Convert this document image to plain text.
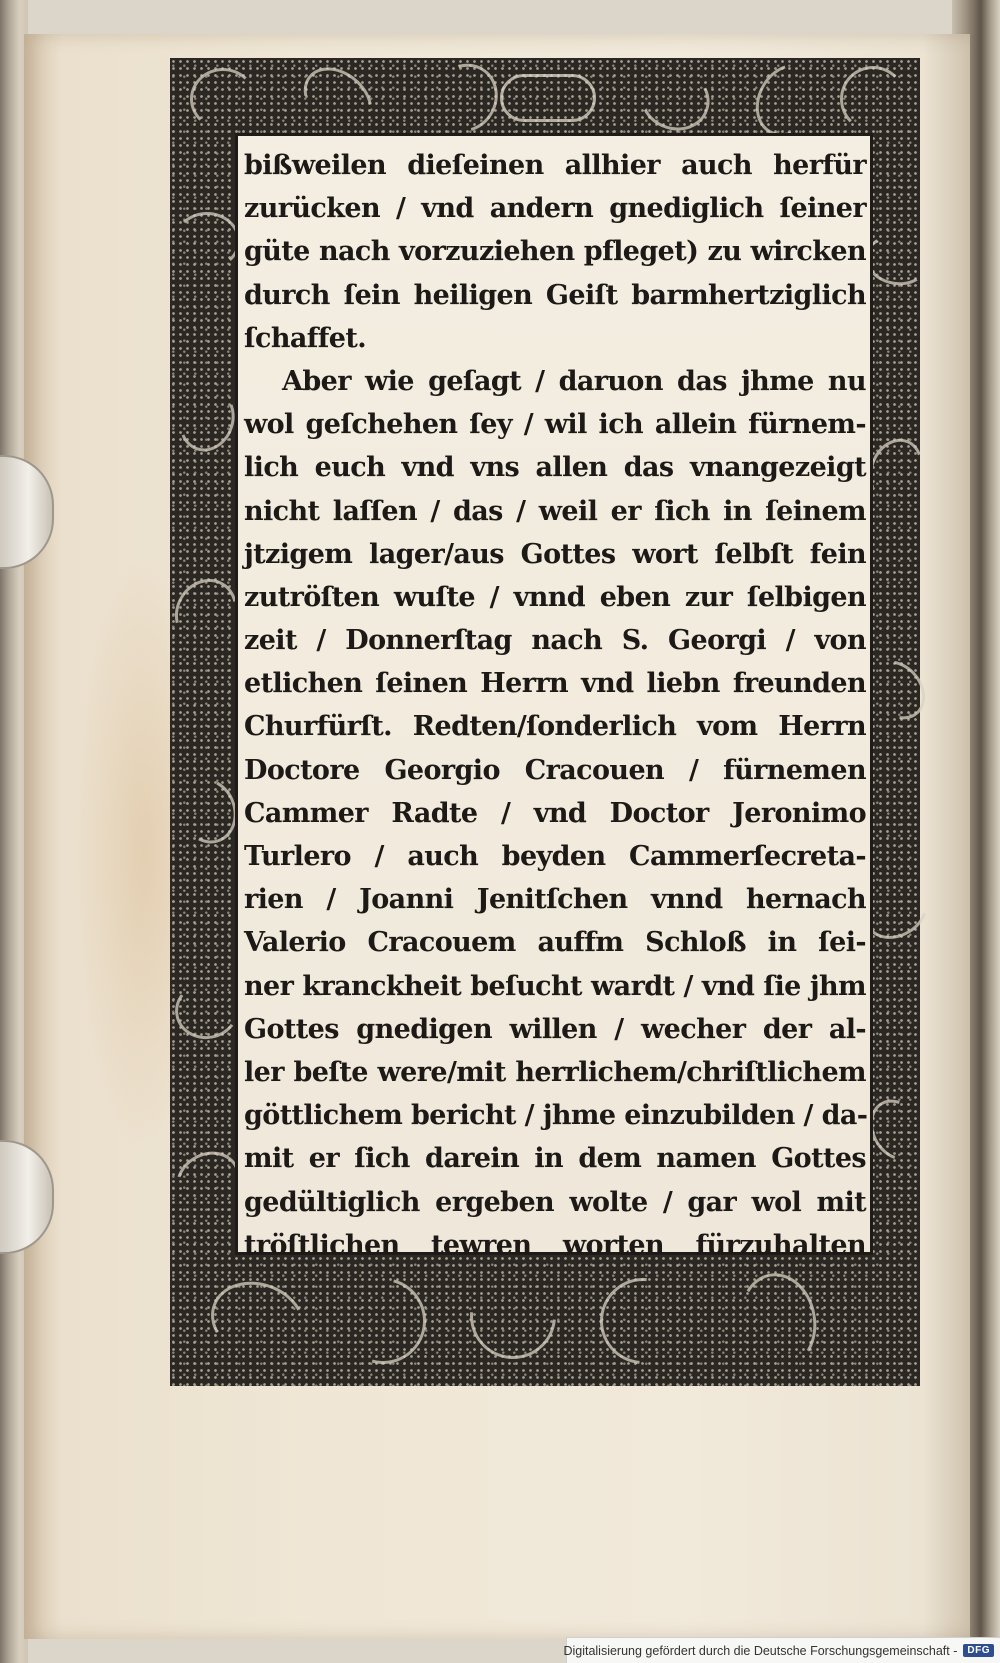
bißweilen dieſeinen allhier auch herfür
zurücken / vnd andern gnediglich ſeiner
güte nach vorzuziehen pfleget) zu wircken
durch ſein heiligen Geiſt barmhertziglich
ſchaffet.
Aber wie geſagt / daruon das jhme nu
wol geſchehen ſey / wil ich allein fürnem-
lich euch vnd vns allen das vnangezeigt
nicht laſſen / das / weil er ſich in ſeinem
jtzigem lager/aus Gottes wort ſelbſt fein
zutröſten wuſte / vnnd eben zur ſelbigen
zeit / Donnerſtag nach S. Georgi / von
etlichen ſeinen Herrn vnd liebn freunden
Churfürſt. Redten/ſonderlich vom Herrn
Doctore Georgio Cracouen / fürnemen
Cammer Radte / vnd Doctor Jeronimo
Turlero / auch beyden Cammerſecreta-
rien / Joanni Jenitſchen vnnd hernach
Valerio Cracouem auffm Schloß in ſei-
ner kranckheit beſucht wardt / vnd ſie jhm
Gottes gnedigen willen / wecher der al-
ler beſte were/mit herrlichem/chriſtlichem
göttlichem bericht / jhme einzubilden / da-
mit er ſich darein in dem namen Gottes
gedültiglich ergeben wolte / gar wol mit
tröſtlichen tewren worten fürzuhalten
Digitalisierung gefördert durch die Deutsche Forschungsgemeinschaft -	DFG
